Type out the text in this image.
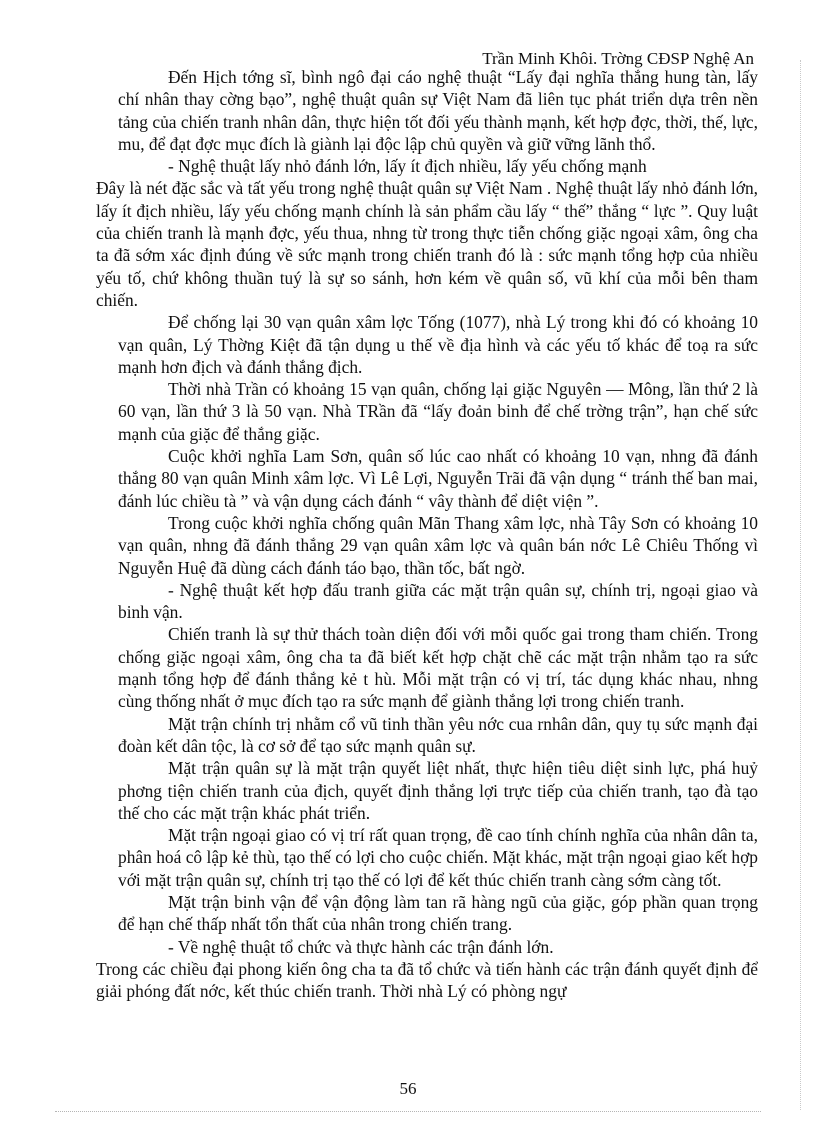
Trần Minh Khôi. Trờng CĐSP Nghệ An

Đến Hịch tớng sĩ, bình ngô đại cáo nghệ thuật “Lấy đại nghĩa thắng hung tàn, lấy chí nhân thay cờng bạo”, nghệ thuật quân sự Việt Nam đã liên tục phát triển dựa trên nền tảng của chiến tranh nhân dân, thực hiện tốt đối yếu thành mạnh, kết hợp đợc, thời, thế, lực, mu, để đạt đợc mục đích là giành lại độc lập chủ quyền và giữ vững lãnh thổ.

- Nghệ thuật lấy nhỏ đánh lớn, lấy ít địch nhiều, lấy yếu chống mạnh

Đây là nét đặc sắc và tất yếu trong nghệ thuật quân sự Việt Nam . Nghệ thuật lấy nhỏ đánh lớn, lấy ít địch nhiều, lấy yếu chống mạnh chính là sản phẩm cầu lấy “ thế” thắng “ lực ”. Quy luật của chiến tranh là mạnh đợc, yếu thua, nhng từ trong thực tiễn chống giặc ngoại xâm, ông cha ta đã sớm xác định đúng về sức mạnh trong chiến tranh đó là : sức mạnh tổng hợp của nhiều yếu tố, chứ không thuần tuý là sự so sánh, hơn kém về quân số, vũ khí của mỗi bên tham chiến.

Để chống lại 30 vạn quân xâm lợc Tống (1077), nhà Lý trong khi đó có khoảng 10 vạn quân, Lý Thờng Kiệt đã tận dụng u thế về địa hình và các yếu tố khác để toạ ra sức mạnh hơn địch và đánh thắng địch.

Thời nhà Trần có khoảng 15 vạn quân, chống lại giặc Nguyên — Mông, lần thứ 2 là 60 vạn, lần thứ 3 là 50 vạn. Nhà TRần đã “lấy đoản binh để chế trờng trận”, hạn chế sức mạnh của giặc để thắng giặc.

Cuộc khởi nghĩa Lam Sơn, quân số lúc cao nhất có khoảng 10 vạn, nhng đã đánh thắng 80 vạn quân Minh xâm lợc. Vì Lê Lợi, Nguyễn Trãi đã vận dụng “ tránh thế ban mai, đánh lúc chiều tà ” và vận dụng cách đánh “ vây thành để diệt viện ”.

Trong cuộc khởi nghĩa chống quân Mãn Thang xâm lợc, nhà Tây Sơn có khoảng 10 vạn quân, nhng đã đánh thắng 29 vạn quân xâm lợc và quân bán nớc Lê Chiêu Thống vì Nguyễn Huệ đã dùng cách đánh táo bạo, thần tốc, bất ngờ.

- Nghệ thuật kết hợp đấu tranh giữa các mặt trận quân sự, chính trị, ngoại giao và binh vận.

Chiến tranh là sự thử thách toàn diện đối với mỗi quốc gai trong tham chiến. Trong chống giặc ngoại xâm, ông cha ta đã biết kết hợp chặt chẽ các mặt trận nhằm tạo ra sức mạnh tổng hợp để đánh thắng kẻ t hù. Mỗi mặt trận có vị trí, tác dụng khác nhau, nhng cùng thống nhất ở mục đích tạo ra sức mạnh để giành thắng lợi trong chiến tranh.

Mặt trận chính trị nhằm cổ vũ tinh thần yêu nớc cua rnhân dân, quy tụ sức mạnh đại đoàn kết dân tộc, là cơ sở để tạo sức mạnh quân sự.

Mặt trận quân sự là mặt trận quyết liệt nhất, thực hiện tiêu diệt sinh lực, phá huỷ phơng tiện chiến tranh của địch, quyết định thắng lợi trực tiếp của chiến tranh, tạo đà tạo thế cho các mặt trận khác phát triển.

Mặt trận ngoại giao có vị trí rất quan trọng, đề cao tính chính nghĩa của nhân dân ta, phân hoá cô lập kẻ thù, tạo thế có lợi cho cuộc chiến. Mặt khác, mặt trận ngoại giao kết hợp với mặt trận quân sự, chính trị tạo thế có lợi để kết thúc chiến tranh càng sớm càng tốt.

Mặt trận binh vận để vận động làm tan rã hàng ngũ của giặc, góp phần quan trọng để hạn chế thấp nhất tổn thất của nhân trong chiến trang.

- Về nghệ thuật tổ chức và thực hành các trận đánh lớn.

Trong các chiều đại phong kiến ông cha ta đã tổ chức và tiến hành các trận đánh quyết định để giải phóng đất nớc, kết thúc chiến tranh. Thời nhà Lý có phòng ngự

56
